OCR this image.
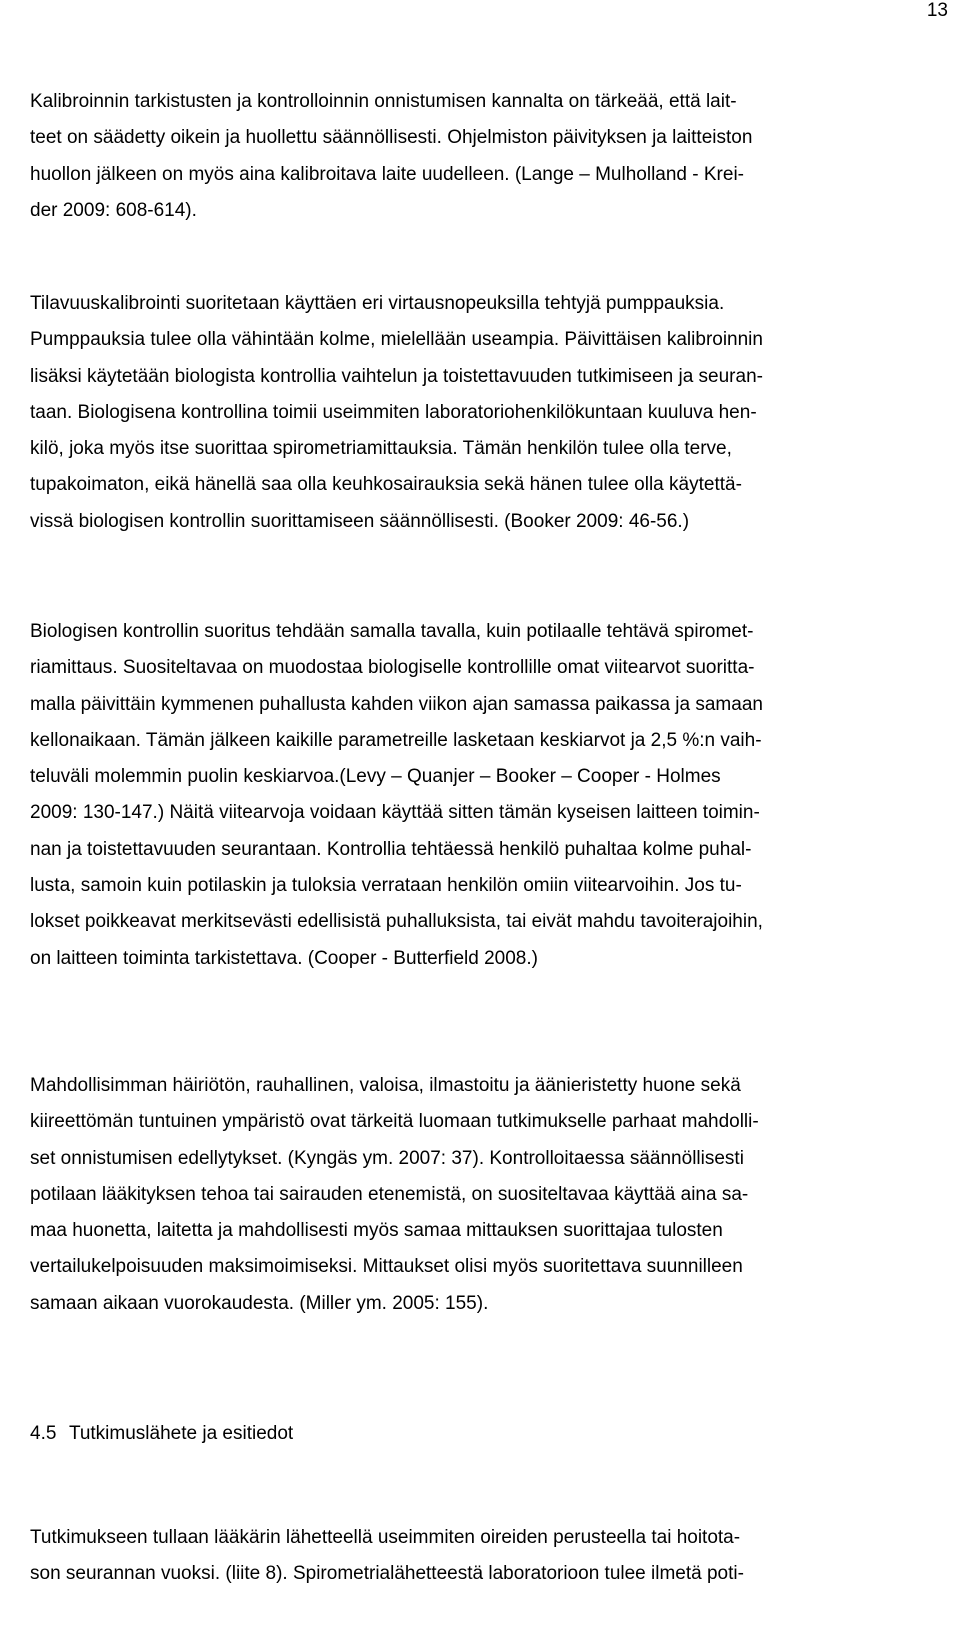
13

Kalibroinnin tarkistusten ja kontrolloinnin onnistumisen kannalta on tärkeää, että lait-
teet on säädetty oikein ja huollettu säännöllisesti. Ohjelmiston päivityksen ja laitteiston
huollon jälkeen on myös aina kalibroitava laite uudelleen. (Lange – Mulholland - Krei-
der 2009: 608-614).

Tilavuuskalibrointi suoritetaan käyttäen eri virtausnopeuksilla tehtyjä pumppauksia.
Pumppauksia tulee olla vähintään kolme, mielellään useampia. Päivittäisen kalibroinnin
lisäksi käytetään biologista kontrollia vaihtelun ja toistettavuuden tutkimiseen ja seuran-
taan. Biologisena kontrollina toimii useimmiten laboratoriohenkilökuntaan kuuluva hen-
kilö, joka myös itse suorittaa spirometriamittauksia. Tämän henkilön tulee olla terve,
tupakoimaton, eikä hänellä saa olla keuhkosairauksia sekä hänen tulee olla käytettä-
vissä biologisen kontrollin suorittamiseen säännöllisesti. (Booker 2009: 46-56.)

Biologisen kontrollin suoritus tehdään samalla tavalla, kuin potilaalle tehtävä spiromet-
riamittaus. Suositeltavaa on muodostaa biologiselle kontrollille omat viitearvot suoritta-
malla päivittäin kymmenen puhallusta kahden viikon ajan samassa paikassa ja samaan
kellonaikaan. Tämän jälkeen kaikille parametreille lasketaan keskiarvot ja 2,5 %:n vaih-
teluväli molemmin puolin keskiarvoa.(Levy – Quanjer – Booker – Cooper - Holmes
2009: 130-147.) Näitä viitearvoja voidaan käyttää sitten tämän kyseisen laitteen toimin-
nan ja toistettavuuden seurantaan. Kontrollia tehtäessä henkilö puhaltaa kolme puhal-
lusta, samoin kuin potilaskin ja tuloksia verrataan henkilön omiin viitearvoihin. Jos tu-
lokset poikkeavat merkitsevästi edellisistä puhalluksista, tai eivät mahdu tavoiterajoihin,
on laitteen toiminta tarkistettava. (Cooper - Butterfield 2008.)

Mahdollisimman häiriötön, rauhallinen, valoisa, ilmastoitu ja äänieristetty huone sekä
kiireettömän tuntuinen ympäristö ovat tärkeitä luomaan tutkimukselle parhaat mahdolli-
set onnistumisen edellytykset. (Kyngäs ym. 2007: 37). Kontrolloitaessa säännöllisesti
potilaan lääkityksen tehoa tai sairauden etenemistä, on suositeltavaa käyttää aina sa-
maa huonetta, laitetta ja mahdollisesti myös samaa mittauksen suorittajaa tulosten
vertailukelpoisuuden maksimoimiseksi. Mittaukset olisi myös suoritettava suunnilleen
samaan aikaan vuorokaudesta. (Miller ym. 2005: 155).

4.5 Tutkimuslähete ja esitiedot

Tutkimukseen tullaan lääkärin lähetteellä useimmiten oireiden perusteella tai hoitota-
son seurannan vuoksi. (liite 8). Spirometrialähetteestä laboratorioon tulee ilmetä poti-
